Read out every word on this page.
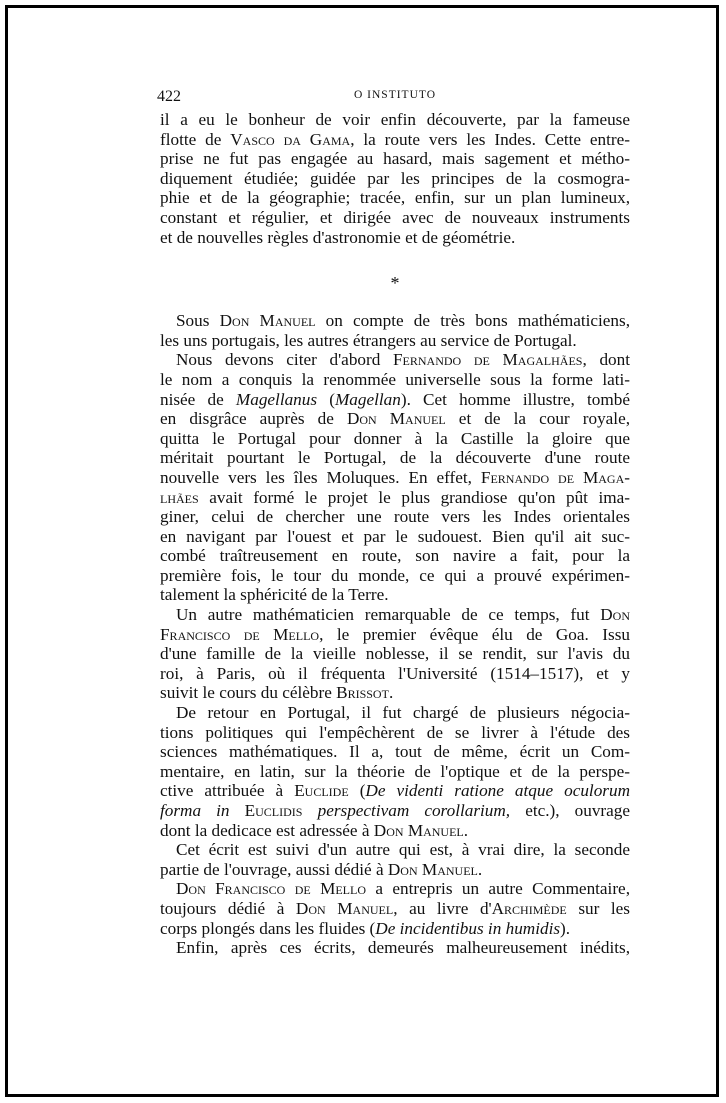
422	O INSTITUTO

il a eu le bonheur de voir enfin découverte, par la fameuse

flotte de Vasco da Gama, la route vers les Indes. Cette entre-

prise ne fut pas engagée au hasard, mais sagement et métho-

diquement étudiée; guidée par les principes de la cosmogra-

phie et de la géographie; tracée, enfin, sur un plan lumineux,

constant et régulier, et dirigée avec de nouveaux instruments

et de nouvelles règles d'astronomie et de géométrie.

*

Sous Don Manuel on compte de très bons mathématiciens,

les uns portugais, les autres étrangers au service de Portugal.

Nous devons citer d'abord Fernando de Magalhães, dont

le nom a conquis la renommée universelle sous la forme lati-

nisée de Magellanus (Magellan). Cet homme illustre, tombé

en disgrâce auprès de Don Manuel et de la cour royale,

quitta le Portugal pour donner à la Castille la gloire que

méritait pourtant le Portugal, de la découverte d'une route

nouvelle vers les îles Moluques. En effet, Fernando de Maga-

lhães avait formé le projet le plus grandiose qu'on pût ima-

giner, celui de chercher une route vers les Indes orientales

en navigant par l'ouest et par le sudouest. Bien qu'il ait suc-

combé traîtreusement en route, son navire a fait, pour la

première fois, le tour du monde, ce qui a prouvé expérimen-

talement la sphéricité de la Terre.

Un autre mathématicien remarquable de ce temps, fut Don

Francisco de Mello, le premier évêque élu de Goa. Issu

d'une famille de la vieille noblesse, il se rendit, sur l'avis du

roi, à Paris, où il fréquenta l'Université (1514–1517), et y

suivit le cours du célèbre Brissot.

De retour en Portugal, il fut chargé de plusieurs négocia-

tions politiques qui l'empêchèrent de se livrer à l'étude des

sciences mathématiques. Il a, tout de même, écrit un Com-

mentaire, en latin, sur la théorie de l'optique et de la perspe-

ctive attribuée à Euclide (De videnti ratione atque oculorum

forma in Euclidis perspectivam corollarium, etc.), ouvrage

dont la dedicace est adressée à Don Manuel.

Cet écrit est suivi d'un autre qui est, à vrai dire, la seconde

partie de l'ouvrage, aussi dédié à Don Manuel.

Don Francisco de Mello a entrepris un autre Commentaire,

toujours dédié à Don Manuel, au livre d'Archimède sur les

corps plongés dans les fluides (De incidentibus in humidis).

Enfin, après ces écrits, demeurés malheureusement inédits,
